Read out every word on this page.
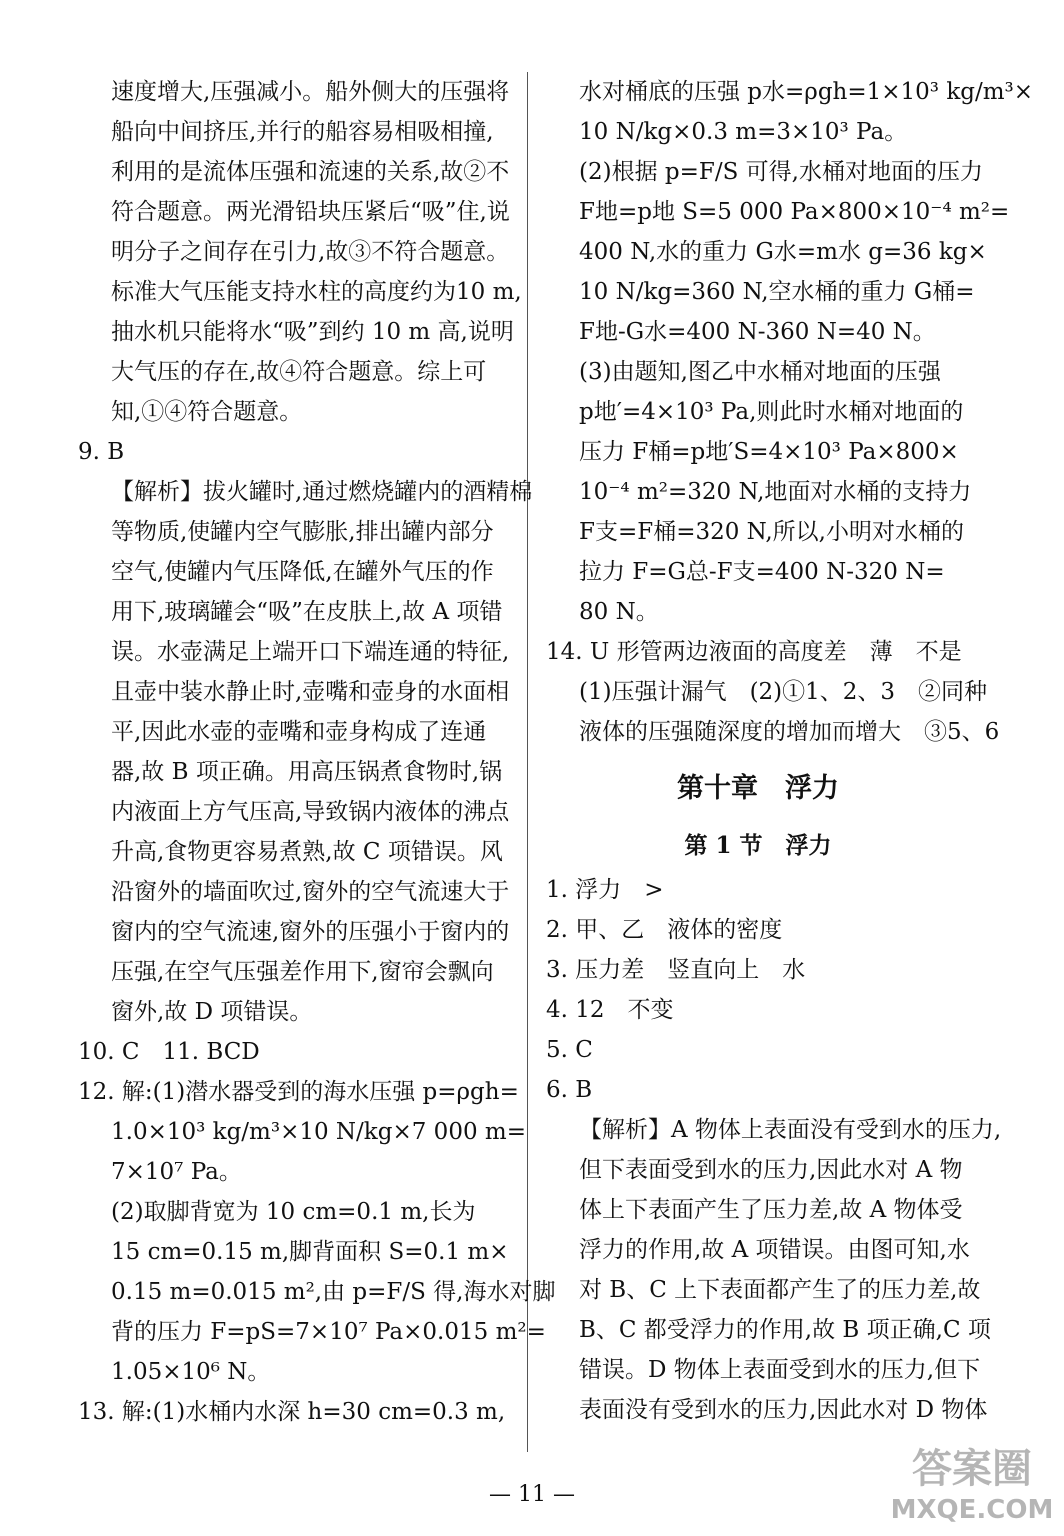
速度增大,压强减小。船外侧大的压强将
船向中间挤压,并行的船容易相吸相撞,
利用的是流体压强和流速的关系,故②不
符合题意。两光滑铅块压紧后“吸”住,说
明分子之间存在引力,故③不符合题意。
标准大气压能支持水柱的高度约为10 m,
抽水机只能将水“吸”到约 10 m 高,说明
大气压的存在,故④符合题意。综上可
知,①④符合题意。
9. B
【解析】拔火罐时,通过燃烧罐内的酒精棉
等物质,使罐内空气膨胀,排出罐内部分
空气,使罐内气压降低,在罐外气压的作
用下,玻璃罐会“吸”在皮肤上,故 A 项错
误。水壶满足上端开口下端连通的特征,
且壶中装水静止时,壶嘴和壶身的水面相
平,因此水壶的壶嘴和壶身构成了连通
器,故 B 项正确。用高压锅煮食物时,锅
内液面上方气压高,导致锅内液体的沸点
升高,食物更容易煮熟,故 C 项错误。风
沿窗外的墙面吹过,窗外的空气流速大于
窗内的空气流速,窗外的压强小于窗内的
压强,在空气压强差作用下,窗帘会飘向
窗外,故 D 项错误。
10. C　11. BCD
12. 解:(1)潜水器受到的海水压强 p=ρgh=
1.0×10³ kg/m³×10 N/kg×7 000 m=
7×10⁷ Pa。
(2)取脚背宽为 10 cm=0.1 m,长为
15 cm=0.15 m,脚背面积 S=0.1 m×
0.15 m=0.015 m²,由 p=F/S 得,海水对脚
背的压力 F=pS=7×10⁷ Pa×0.015 m²=
1.05×10⁶ N。
13. 解:(1)水桶内水深 h=30 cm=0.3 m,
水对桶底的压强 p水=ρgh=1×10³ kg/m³×
10 N/kg×0.3 m=3×10³ Pa。
(2)根据 p=F/S 可得,水桶对地面的压力
F地=p地 S=5 000 Pa×800×10⁻⁴ m²=
400 N,水的重力 G水=m水 g=36 kg×
10 N/kg=360 N,空水桶的重力 G桶=
F地-G水=400 N-360 N=40 N。
(3)由题知,图乙中水桶对地面的压强
p地′=4×10³ Pa,则此时水桶对地面的
压力 F桶=p地′S=4×10³ Pa×800×
10⁻⁴ m²=320 N,地面对水桶的支持力
F支=F桶=320 N,所以,小明对水桶的
拉力 F=G总-F支=400 N-320 N=
80 N。
14. U 形管两边液面的高度差　薄　不是
(1)压强计漏气　(2)①1、2、3　②同种
液体的压强随深度的增加而增大　③5、6
第十章　浮力
第 1 节　浮力
1. 浮力　>
2. 甲、乙　液体的密度
3. 压力差　竖直向上　水
4. 12　不变
5. C
6. B
【解析】A 物体上表面没有受到水的压力,
但下表面受到水的压力,因此水对 A 物
体上下表面产生了压力差,故 A 物体受
浮力的作用,故 A 项错误。由图可知,水
对 B、C 上下表面都产生了的压力差,故
B、C 都受浮力的作用,故 B 项正确,C 项
错误。D 物体上表面受到水的压力,但下
表面没有受到水的压力,因此水对 D 物体
— 11 —
答案圈
MXQE.COM
